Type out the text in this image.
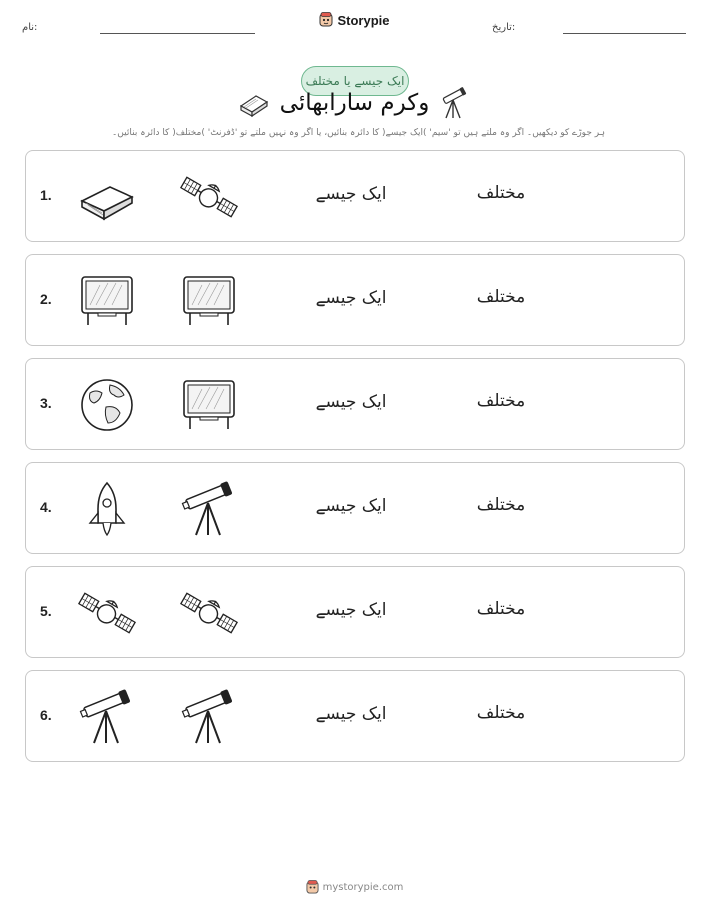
نام:	تاریخ:
Storypie
ایک جیسے یا مختلف
وکرم سارابھائی
ہر جوڑے کو دیکھیں۔ اگر وہ ملتے ہیں تو 'سیم' )ایک جیسے( کا دائرہ بنائیں، یا اگر وہ نہیں ملتے تو 'ڈفرنٹ' )مختلف( کا دائرہ بنائیں۔
1.	ایک جیسے	مختلف
2.	ایک جیسے	مختلف
3.	ایک جیسے	مختلف
4.	ایک جیسے	مختلف
5.	ایک جیسے	مختلف
6.	ایک جیسے	مختلف
mystorypie.com
